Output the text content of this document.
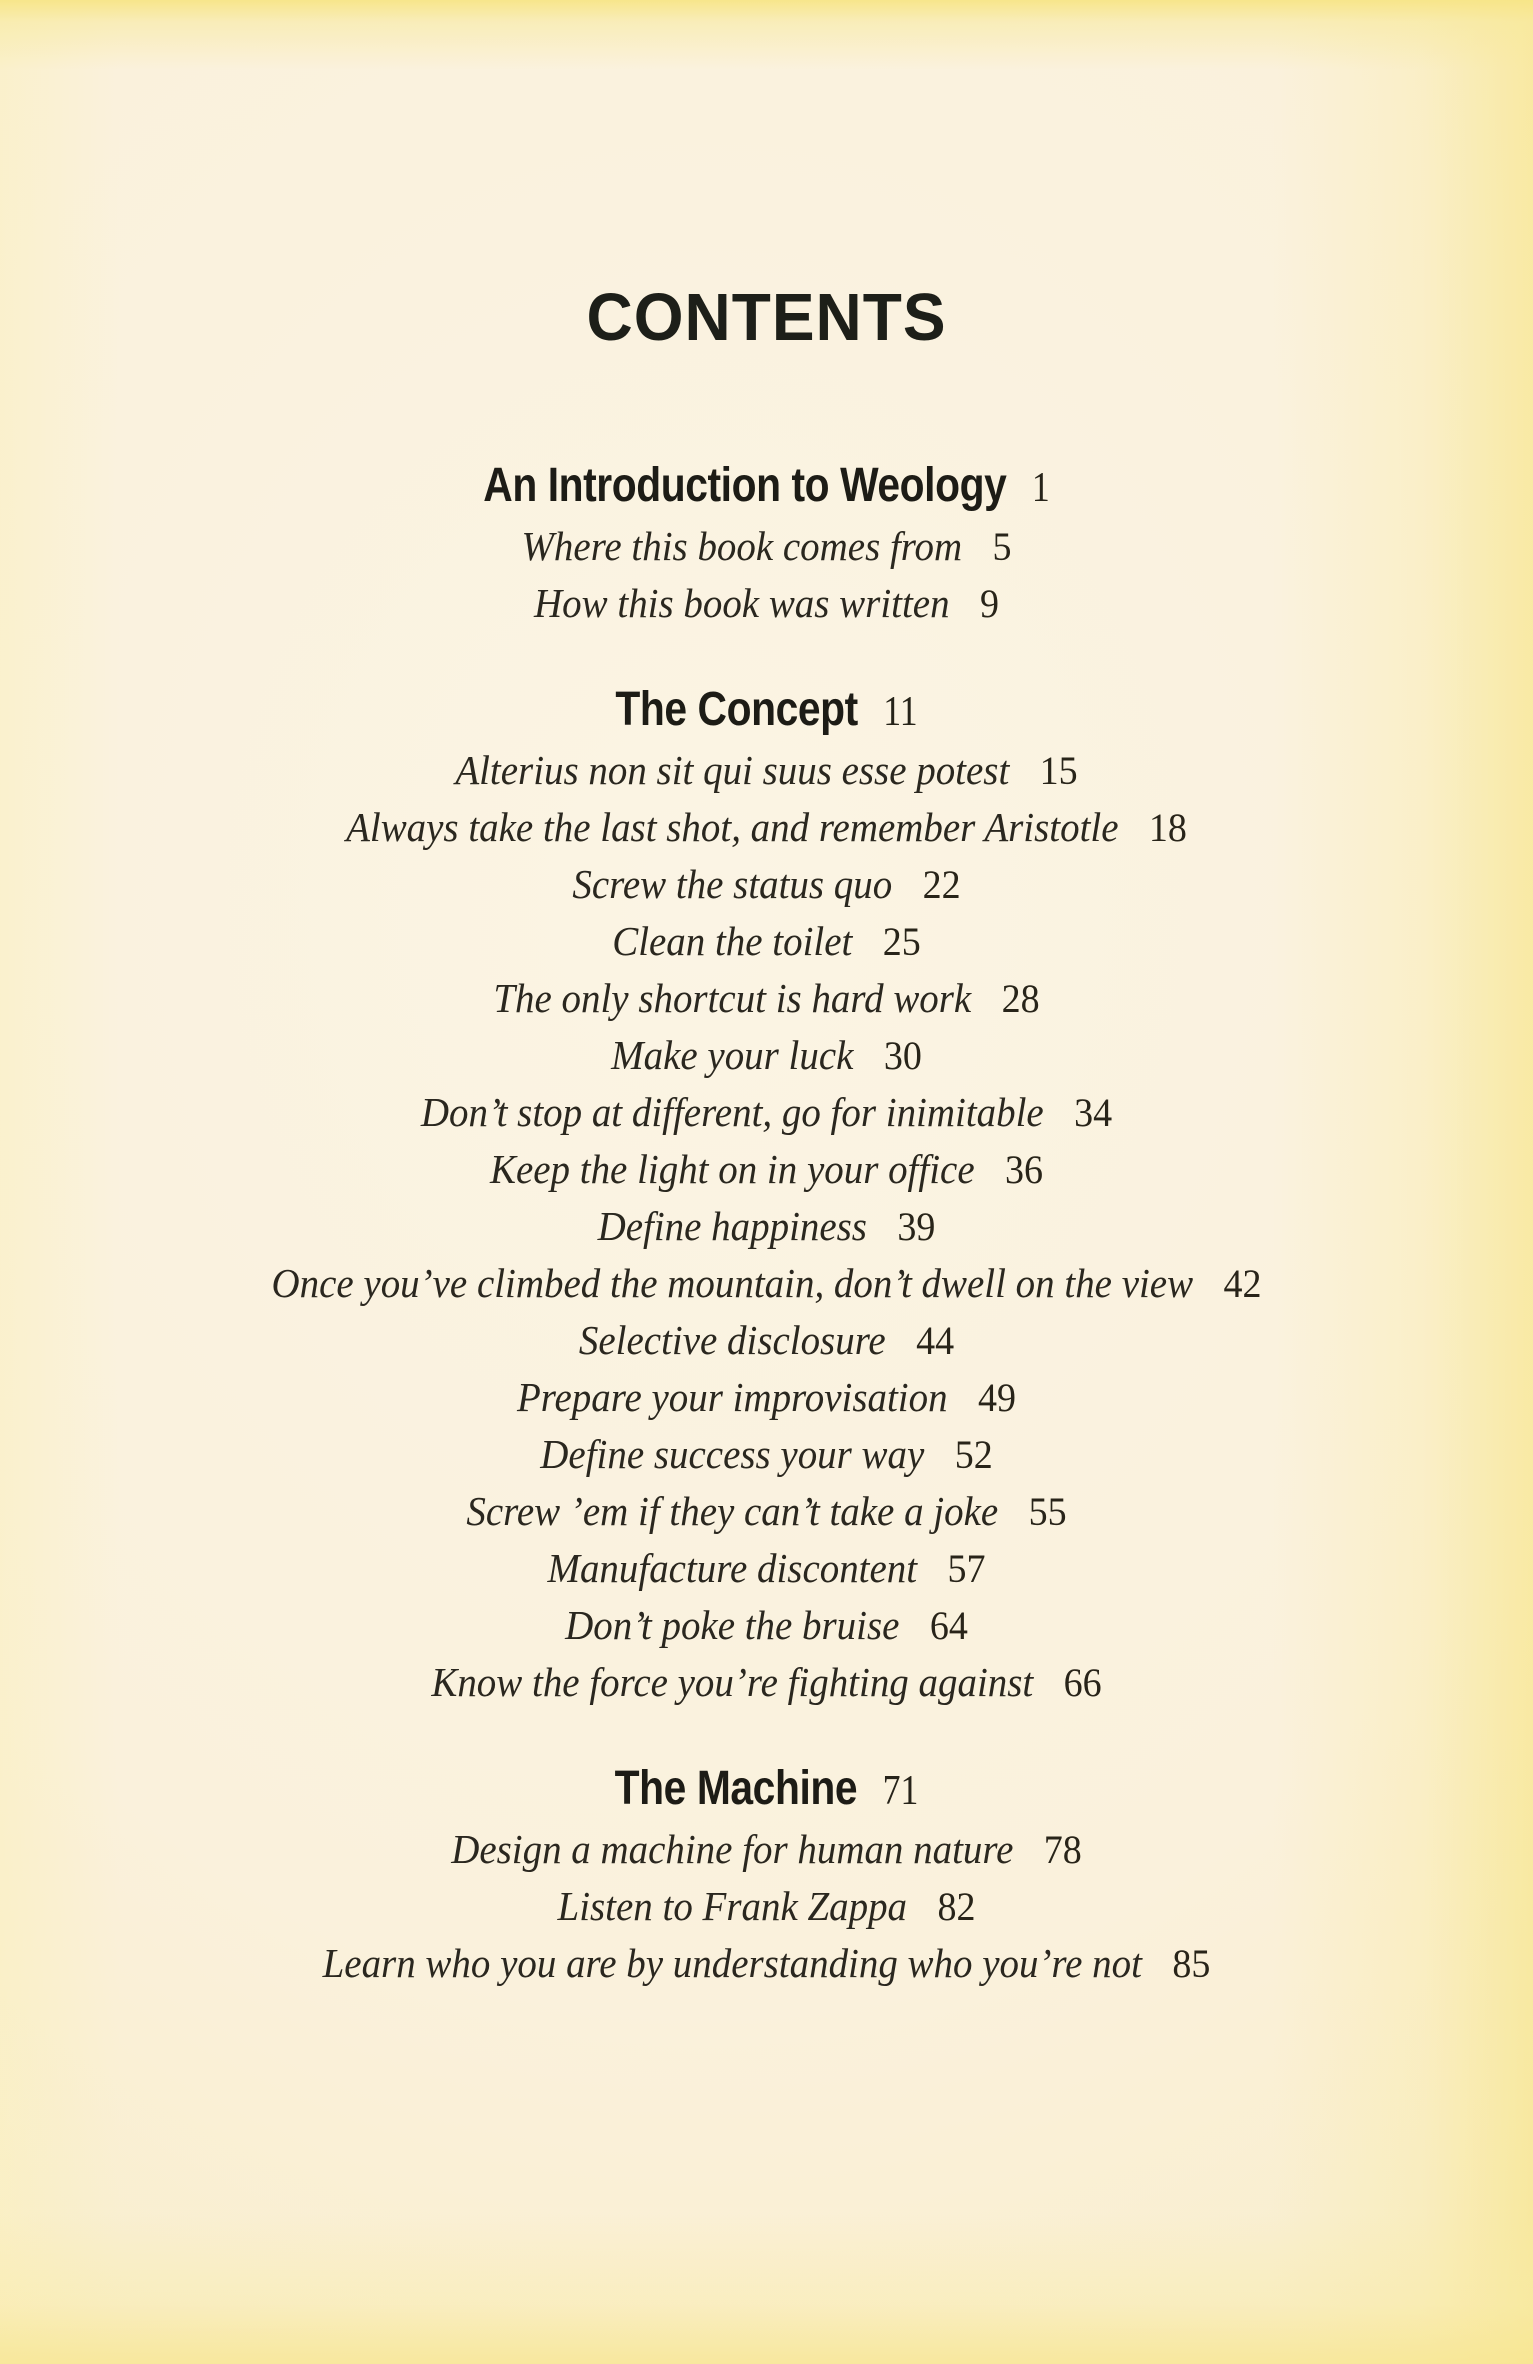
CONTENTS
An Introduction to Weology 1
Where this book comes from 5
How this book was written 9
The Concept 11
Alterius non sit qui suus esse potest 15
Always take the last shot, and remember Aristotle 18
Screw the status quo 22
Clean the toilet 25
The only shortcut is hard work 28
Make your luck 30
Don’t stop at different, go for inimitable 34
Keep the light on in your office 36
Define happiness 39
Once you’ve climbed the mountain, don’t dwell on the view 42
Selective disclosure 44
Prepare your improvisation 49
Define success your way 52
Screw ’em if they can’t take a joke 55
Manufacture discontent 57
Don’t poke the bruise 64
Know the force you’re fighting against 66
The Machine 71
Design a machine for human nature 78
Listen to Frank Zappa 82
Learn who you are by understanding who you’re not 85
